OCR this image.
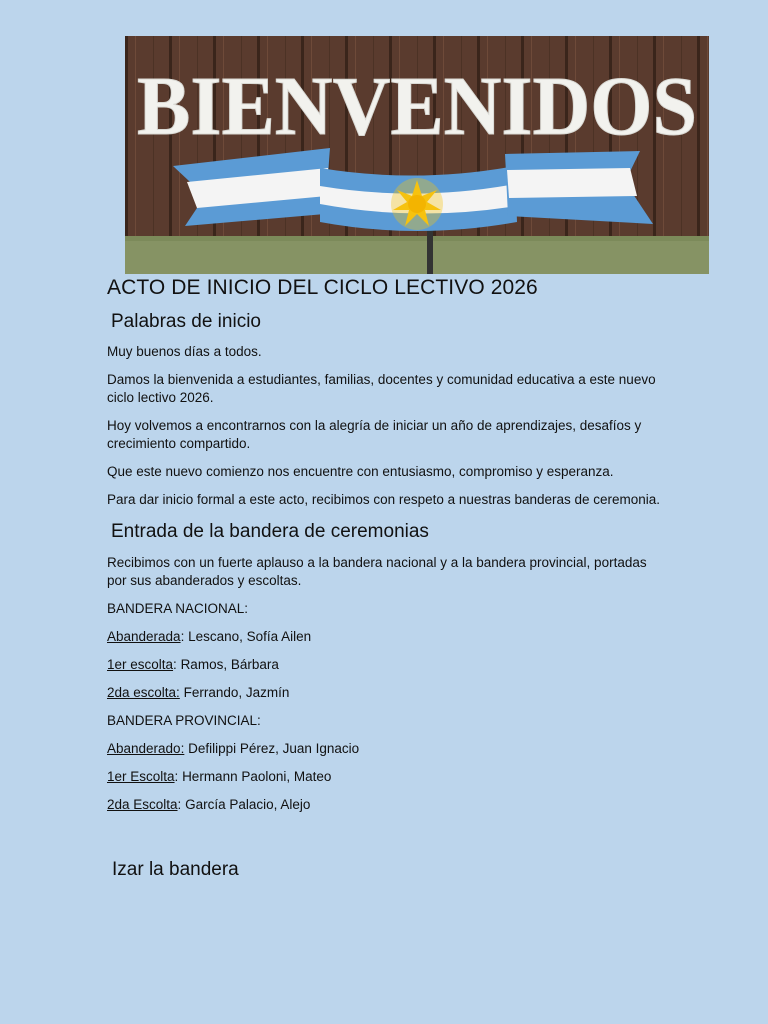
BIENVENIDOS
ACTO DE INICIO DEL CICLO LECTIVO 2026
Palabras de inicio

Muy buenos días a todos.

Damos la bienvenida a estudiantes, familias, docentes y comunidad educativa a este nuevo ciclo lectivo 2026.

Hoy volvemos a encontrarnos con la alegría de iniciar un año de aprendizajes, desafíos y crecimiento compartido.

Que este nuevo comienzo nos encuentre con entusiasmo, compromiso y esperanza.

Para dar inicio formal a este acto, recibimos con respeto a nuestras banderas de ceremonia.

Entrada de la bandera de ceremonias

Recibimos con un fuerte aplauso a la bandera nacional y a la bandera provincial, portadas por sus abanderados y escoltas.

BANDERA NACIONAL:

Abanderada: Lescano, Sofía Ailen

1er escolta: Ramos, Bárbara

2da escolta: Ferrando, Jazmín

BANDERA PROVINCIAL:

Abanderado: Defilippi Pérez, Juan Ignacio

1er Escolta: Hermann Paoloni, Mateo

2da Escolta: García Palacio, Alejo

Izar la bandera
